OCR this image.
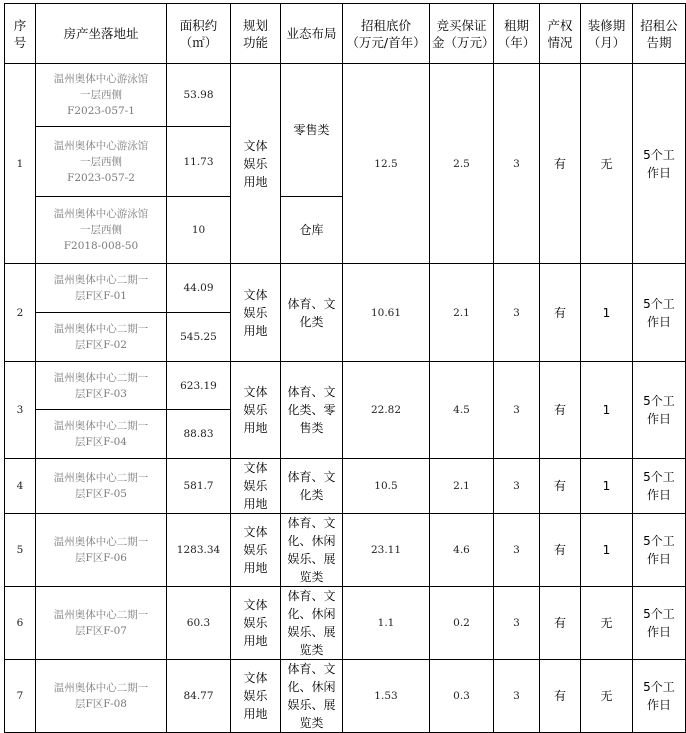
序
号	房产坐落地址	面积约
（㎡）	规划
功能	业态布局	招租底价
（万元/首年）	竞买保证
金（万元）	租期
（年）	产权
情况	装修期
（月）	招租公
告期
1	温州奥体中心游泳馆
一层西侧
F2023-057-1	53.98	文体
娱乐
用地	零售类	12.5	2.5	3	有	无	5个工
作日
	温州奥体中心游泳馆
一层西侧
F2023-057-2	11.73								
	温州奥体中心游泳馆
一层西侧
F2018-008-50	10		仓库						
2	温州奥体中心二期一
层F区F-01	44.09	文体
娱乐
用地	体育、文
化类	10.61	2.1	3	有	1	5个工
作日
	温州奥体中心二期一
层F区F-02	545.25								
3	温州奥体中心二期一
层F区F-03	623.19	文体
娱乐
用地	体育、文
化类、零
售类	22.82	4.5	3	有	1	5个工
作日
	温州奥体中心二期一
层F区F-04	88.83								
4	温州奥体中心二期一
层F区F-05	581.7	文体
娱乐
用地	体育、文
化类	10.5	2.1	3	有	1	5个工
作日
5	温州奥体中心二期一
层F区F-06	1283.34	文体
娱乐
用地	体育、文
化、休闲
娱乐、展
览类	23.11	4.6	3	有	1	5个工
作日
6	温州奥体中心二期一
层F区F-07	60.3	文体
娱乐
用地	体育、文
化、休闲
娱乐、展
览类	1.1	0.2	3	有	无	5个工
作日
7	温州奥体中心二期一
层F区F-08	84.77	文体
娱乐
用地	体育、文
化、休闲
娱乐、展
览类	1.53	0.3	3	有	无	5个工
作日
